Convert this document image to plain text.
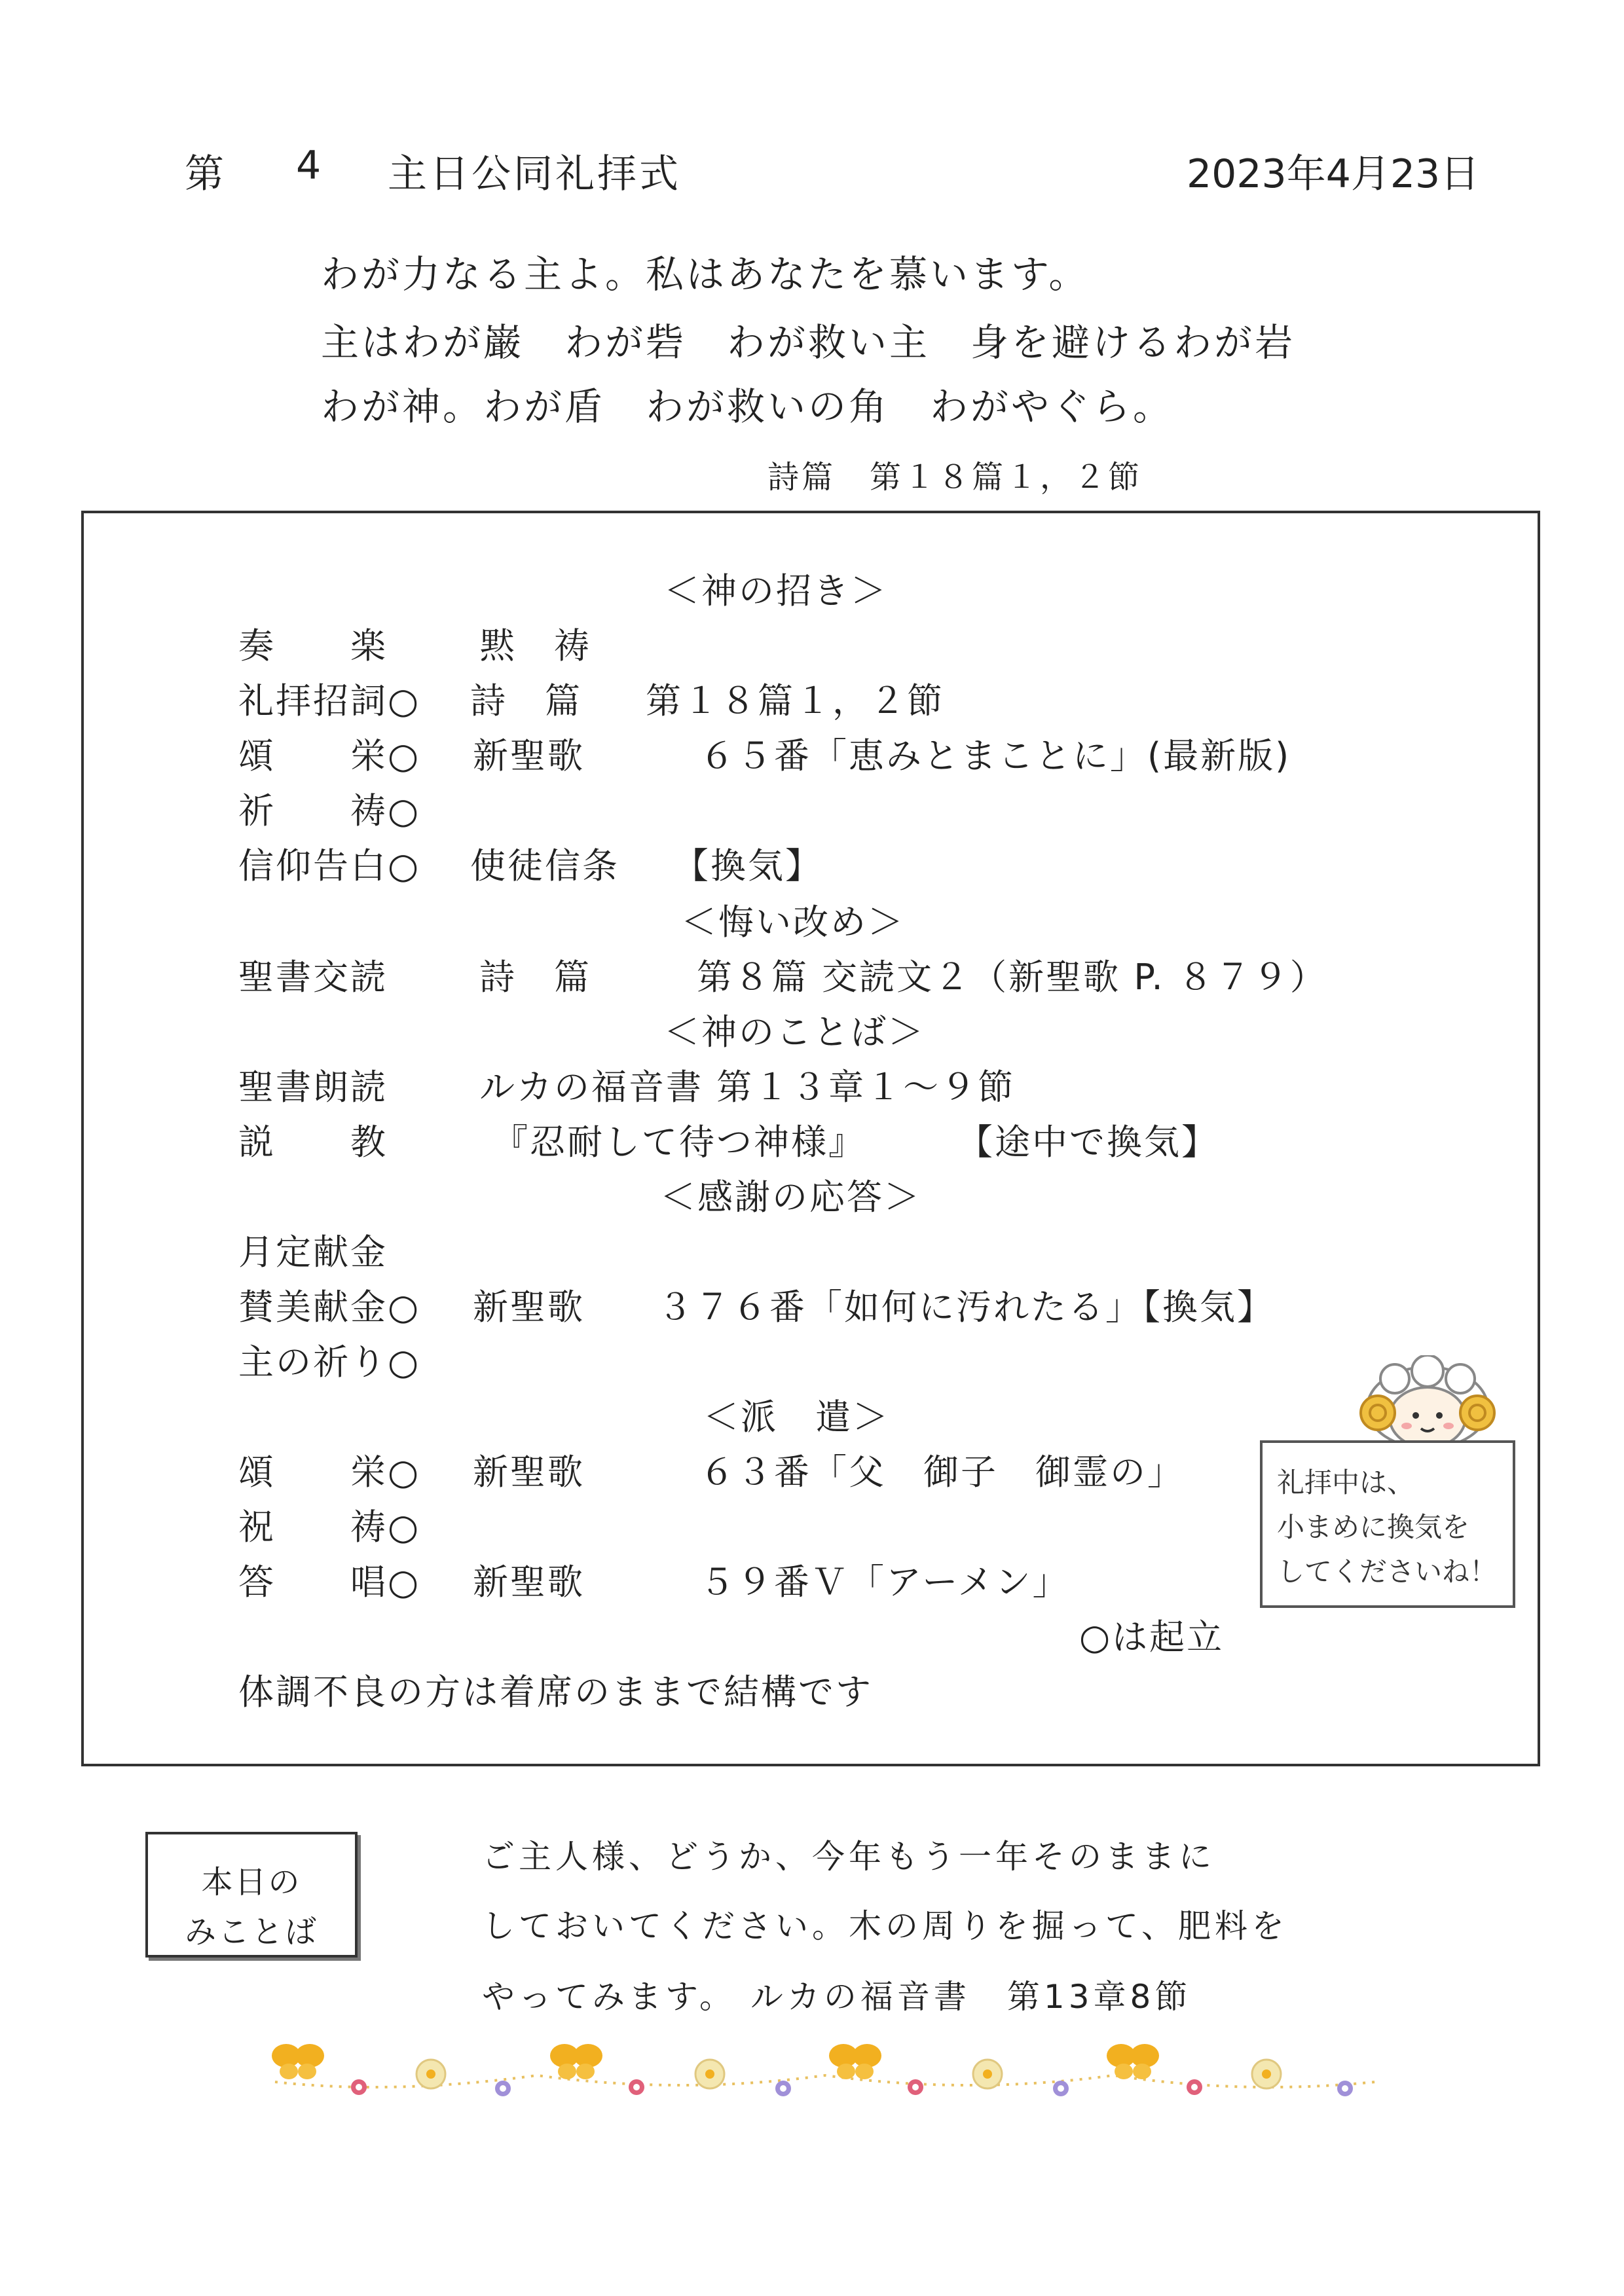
第 4 主日公同礼拝式	2023年4月23日
わが力なる主よ。私はあなたを慕います。
主はわが巌　わが砦　わが救い主　身を避けるわが岩
わが神。わが盾　わが救いの角　わがやぐら。
詩篇　第１８篇１，２節
＜神の招き＞
奏　　楽	黙　祷
礼拝招詞○ 詩　篇 第１８篇１，２節
頌　　栄○ 新聖歌	６５番「恵みとまことに」(最新版)
祈　　祷○
信仰告白○ 使徒信条 【換気】
＜悔い改め＞
聖書交読	詩　篇	第８篇 交読文２（新聖歌 P. ８７９）
＜神のことば＞
聖書朗読	ルカの福音書 第１３章１～９節
説　　教	『忍耐して待つ神様』	【途中で換気】
＜感謝の応答＞
月定献金
賛美献金○ 新聖歌 ３７６番「如何に汚れたる」【換気】
主の祈り○
＜派　遣＞
頌　　栄○ 新聖歌	６３番「父　御子　御霊の」
祝　　祷○
答　　唱○ 新聖歌	５９番Ｖ「アーメン」
○は起立
体調不良の方は着席のままで結構です
礼拝中は、
小まめに換気を
してくださいね！
本日の
みことば
ご主人様、どうか、今年もう一年そのままに
しておいてください。木の周りを掘って、肥料を
やってみます。 ルカの福音書　第13章8節
